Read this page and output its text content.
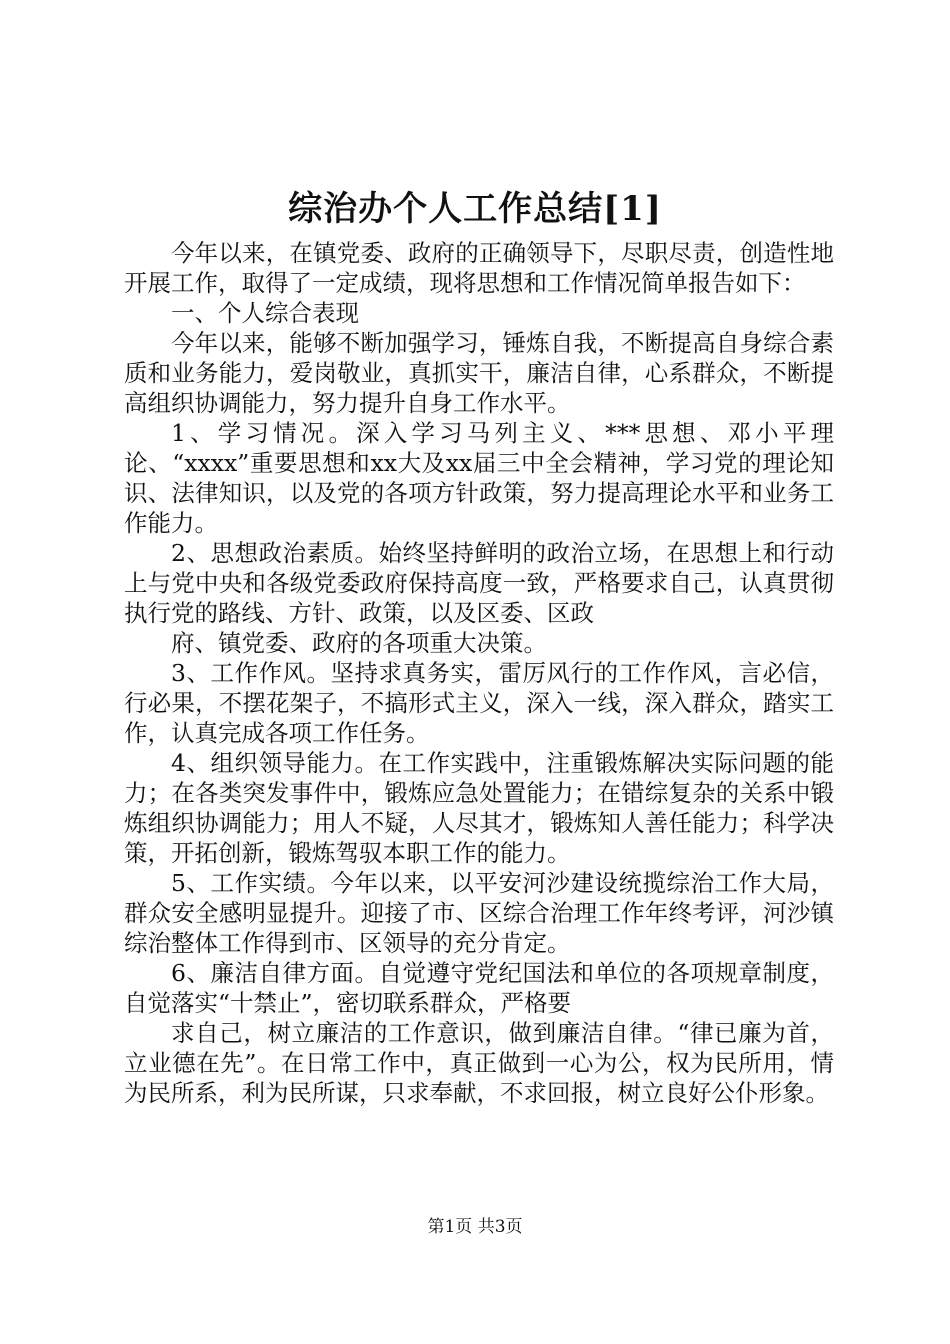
综治办个人工作总结[1]

今年以来，在镇党委、政府的正确领导下，尽职尽责，创造性地开展工作，取得了一定成绩，现将思想和工作情况简单报告如下：

一、个人综合表现

今年以来，能够不断加强学习，锤炼自我，不断提高自身综合素质和业务能力，爱岗敬业，真抓实干，廉洁自律，心系群众，不断提高组织协调能力，努力提升自身工作水平。

1、学习情况。深入学习马列主义、***思想、邓小平理论、“xxxx”重要思想和xx大及xx届三中全会精神，学习党的理论知识、法律知识，以及党的各项方针政策，努力提高理论水平和业务工作能力。

2、思想政治素质。始终坚持鲜明的政治立场，在思想上和行动上与党中央和各级党委政府保持高度一致，严格要求自己，认真贯彻执行党的路线、方针、政策，以及区委、区政

府、镇党委、政府的各项重大决策。

3、工作作风。坚持求真务实，雷厉风行的工作作风，言必信，行必果，不摆花架子，不搞形式主义，深入一线，深入群众，踏实工作，认真完成各项工作任务。

4、组织领导能力。在工作实践中，注重锻炼解决实际问题的能力；在各类突发事件中，锻炼应急处置能力；在错综复杂的关系中锻炼组织协调能力；用人不疑，人尽其才，锻炼知人善任能力；科学决策，开拓创新，锻炼驾驭本职工作的能力。

5、工作实绩。今年以来，以平安河沙建设统揽综治工作大局，群众安全感明显提升。迎接了市、区综合治理工作年终考评，河沙镇综治整体工作得到市、区领导的充分肯定。

6、廉洁自律方面。自觉遵守党纪国法和单位的各项规章制度，自觉落实“十禁止”，密切联系群众，严格要

求自己，树立廉洁的工作意识，做到廉洁自律。“律已廉为首，立业德在先”。在日常工作中，真正做到一心为公，权为民所用，情为民所系，利为民所谋，只求奉献，不求回报，树立良好公仆形象。

第1页 共3页
